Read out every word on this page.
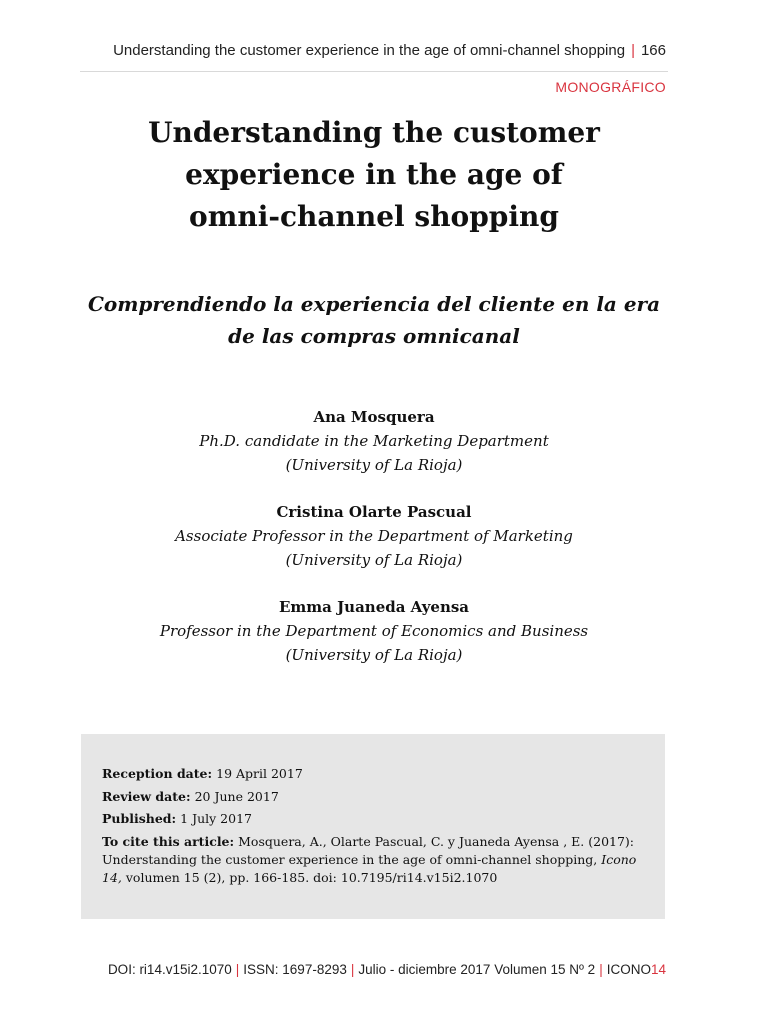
Understanding the customer experience in the age of omni-channel shopping | 166
MONOGRÁFICO
Understanding the customer
experience in the age of
omni-channel shopping
Comprendiendo la experiencia del cliente en la era
de las compras omnicanal
Ana Mosquera
Ph.D. candidate in the Marketing Department
(University of La Rioja)
Cristina Olarte Pascual
Associate Professor in the Department of Marketing
(University of La Rioja)
Emma Juaneda Ayensa
Professor in the Department of Economics and Business
(University of La Rioja)
Reception date: 19 April 2017
Review date: 20 June 2017
Published: 1 July 2017
To cite this article: Mosquera, A., Olarte Pascual, C. y Juaneda Ayensa , E. (2017): Understanding the customer experience in the age of omni-channel shopping, Icono 14, volumen 15 (2), pp. 166-185. doi: 10.7195/ri14.v15i2.1070
DOI: ri14.v15i2.1070 | ISSN: 1697-8293 | Julio - diciembre 2017 Volumen 15 Nº 2 | ICONO14
